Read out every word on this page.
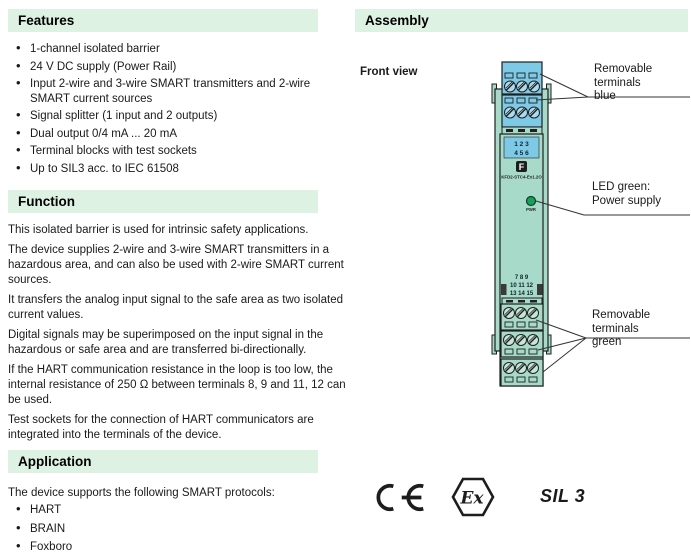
Features
• 1-channel isolated barrier
• 24 V DC supply (Power Rail)
• Input 2-wire and 3-wire SMART transmitters and 2-wire SMART current sources
• Signal splitter (1 input and 2 outputs)
• Dual output 0/4 mA ... 20 mA
• Terminal blocks with test sockets
• Up to SIL3 acc. to IEC 61508
Function

This isolated barrier is used for intrinsic safety applications.

The device supplies 2-wire and 3-wire SMART transmitters in a hazardous area, and can also be used with 2-wire SMART current sources.

It transfers the analog input signal to the safe area as two isolated current values.

Digital signals may be superimposed on the input signal in the hazardous or safe area and are transferred bi-directionally.

If the HART communication resistance in the loop is too low, the internal resistance of 250 Ω between terminals 8, 9 and 11, 12 can be used.

Test sockets for the connection of HART communicators are integrated into the terminals of the device.

Application

The device supports the following SMART protocols:

• HART
• BRAIN
• Foxboro
Assembly
Front view
1 2 3
4 5 6
F
KFD2-STC4-Ex1.2O
PWR
7 8 9
10 11 12
13 14 15
Removable terminals
blue
LED green:
Power supply
Removable terminals
green
Ex	SIL 3
